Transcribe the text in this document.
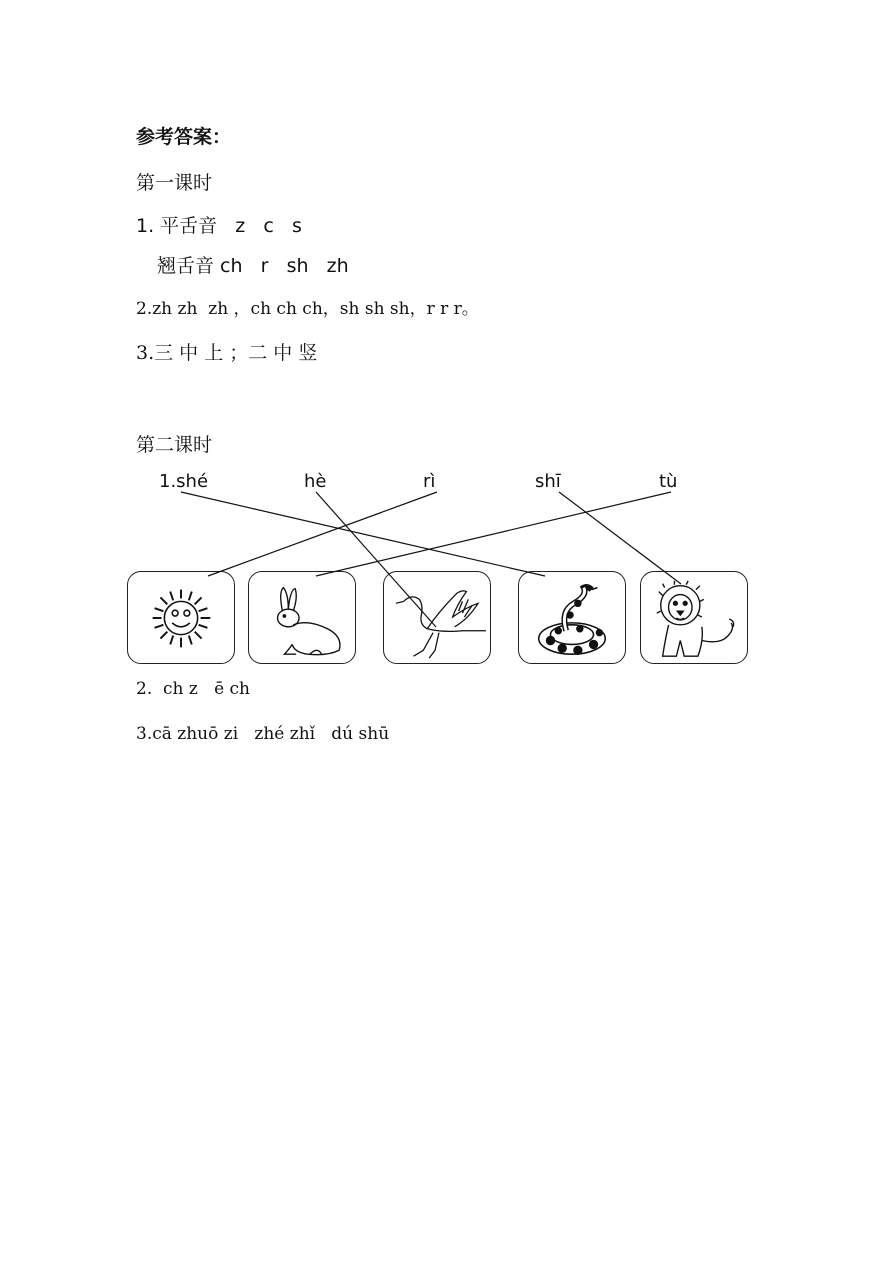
参考答案：
第一课时
1. 平舌音   z   c   s
翘舌音 ch   r   sh   zh
2.zh zh  zh ，ch ch ch，sh sh sh，r r r。
3.三 中 上 ；二 中 竖
第二课时
1.shé	hè	rì	shī	tù
2.  ch z   ē ch
3.cā zhuō zi   zhé zhǐ   dú shū
